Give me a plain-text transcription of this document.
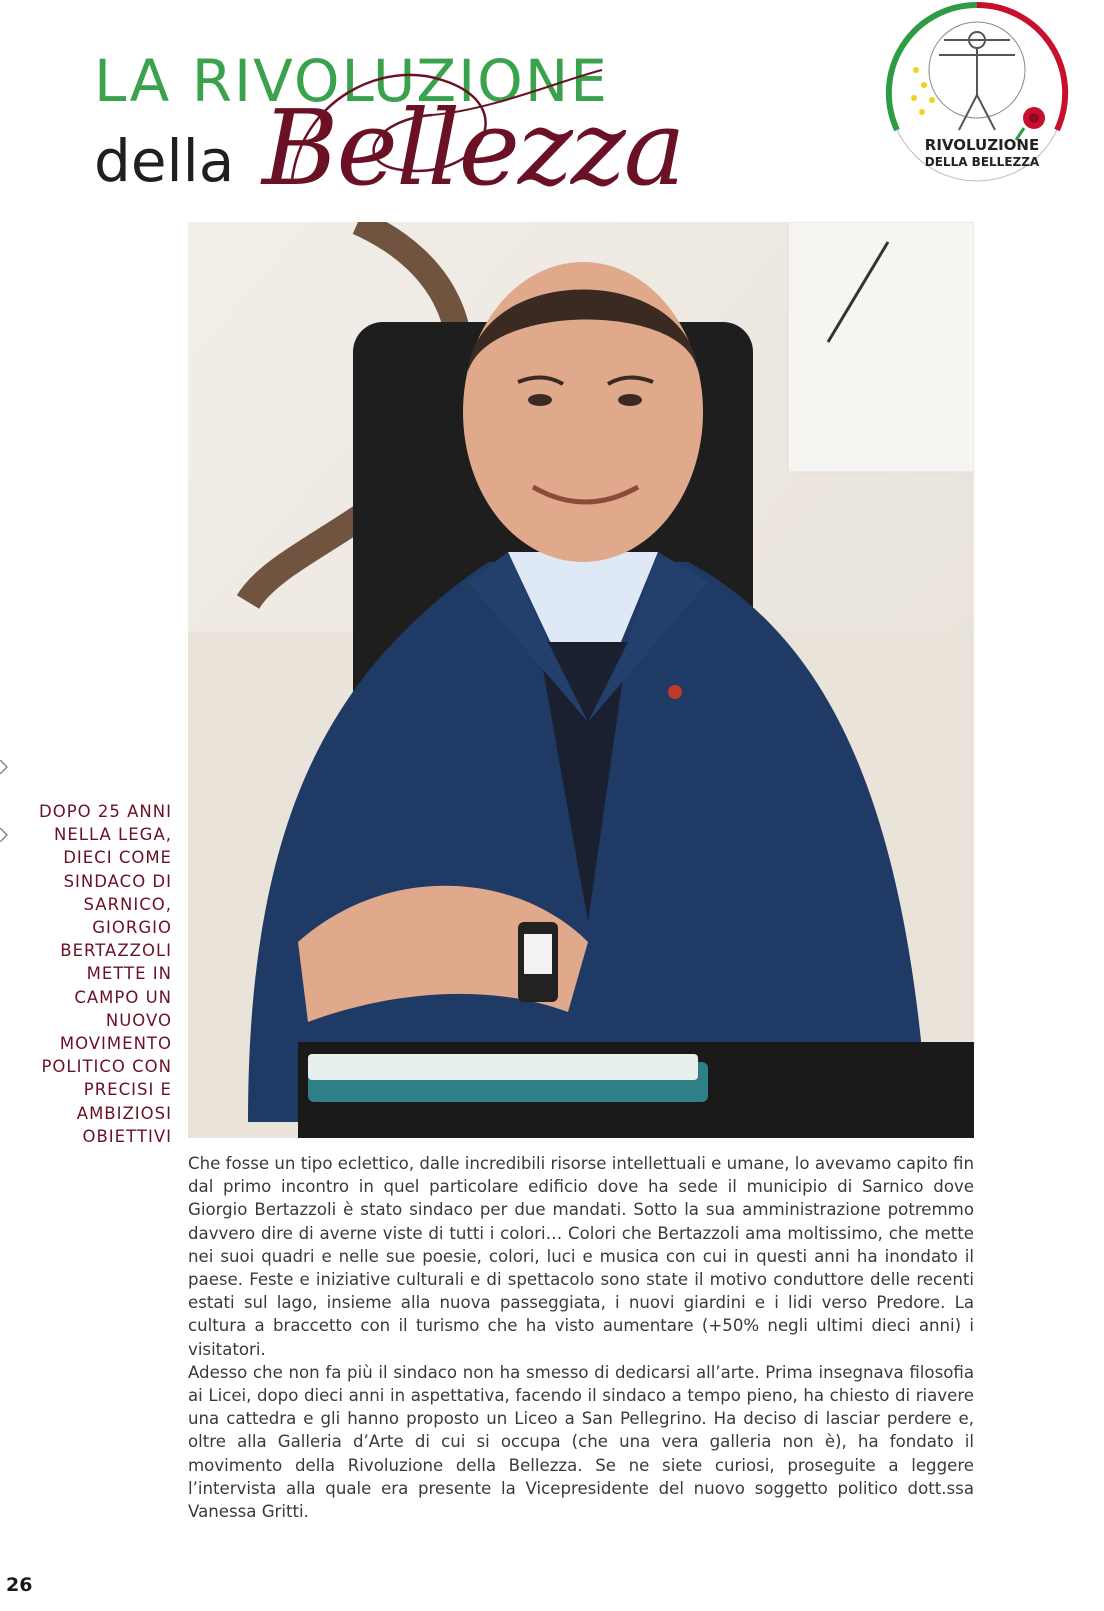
LA RIVOLUZIONE
della Bellezza	RIVOLUZIONE
DELLA BELLEZZA
DOPO 25 ANNI
NELLA LEGA,
DIECI COME
SINDACO DI
SARNICO,
GIORGIO
BERTAZZOLI
METTE IN
CAMPO UN
NUOVO
MOVIMENTO
POLITICO CON
PRECISI E
AMBIZIOSI
OBIETTIVI

Che fosse un tipo eclettico, dalle incredibili risorse intellettuali e umane, lo avevamo capito fin dal primo incontro in quel particolare edificio dove ha sede il municipio di Sarnico dove Giorgio Bertazzoli è stato sindaco per due mandati. Sotto la sua amministrazione potremmo davvero dire di averne viste di tutti i colori… Colori che Bertazzoli ama moltissimo, che mette nei suoi quadri e nelle sue poesie, colori, luci e musica con cui in questi anni ha inondato il paese. Feste e iniziative culturali e di spettacolo sono state il motivo conduttore delle recenti estati sul lago, insieme alla nuova passeggiata, i nuovi giardini e i lidi verso Predore. La cultura a braccetto con il turismo che ha visto aumentare (+50% negli ultimi dieci anni) i visitatori.

Adesso che non fa più il sindaco non ha smesso di dedicarsi all’arte. Prima insegnava filosofia ai Licei, dopo dieci anni in aspettativa, facendo il sindaco a tempo pieno, ha chiesto di riavere una cattedra e gli hanno proposto un Liceo a San Pellegrino. Ha deciso di lasciar perdere e, oltre alla Galleria d’Arte di cui si occupa (che una vera galleria non è), ha fondato il movimento della Rivoluzione della Bellezza. Se ne siete curiosi, proseguite a leggere l’intervista alla quale era presente la Vicepresidente del nuovo soggetto politico dott.ssa Vanessa Gritti.

26
